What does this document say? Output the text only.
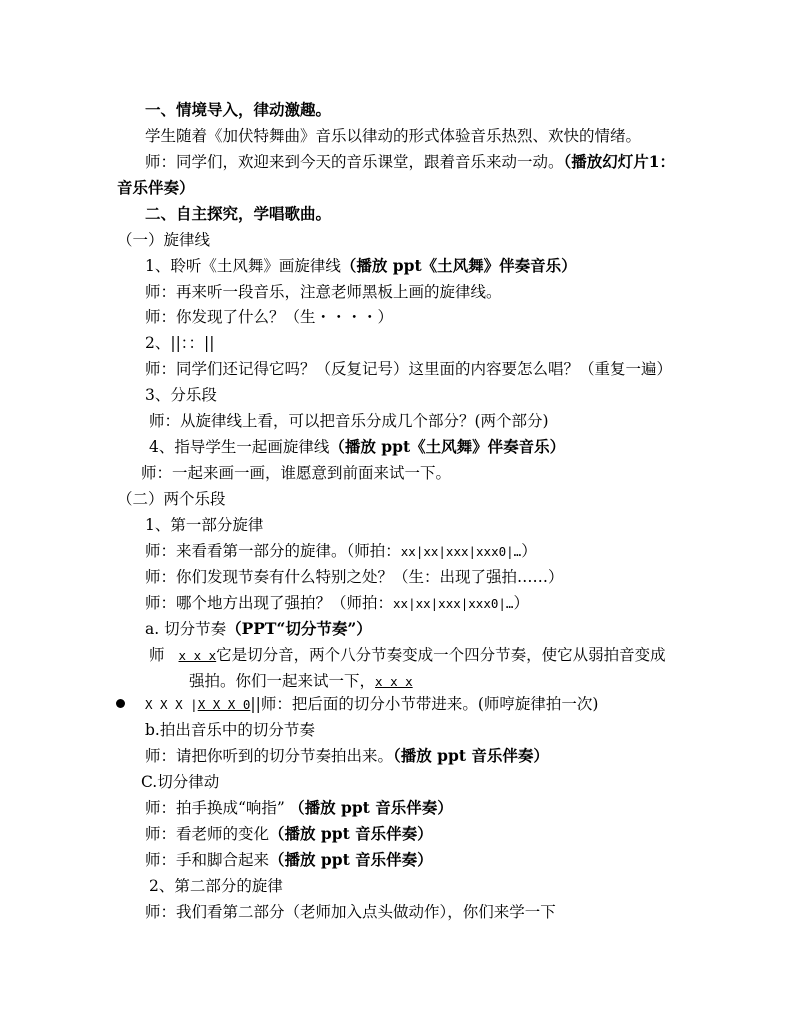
一、情境导入，律动激趣。
学生随着《加伏特舞曲》音乐以律动的形式体验音乐热烈、欢快的情绪。
师：同学们，欢迎来到今天的音乐课堂，跟着音乐来动一动。（播放幻灯片1：
音乐伴奏）
二、自主探究，学唱歌曲。
（一）旋律线
1、聆听《土风舞》画旋律线（播放 ppt《土风舞》伴奏音乐）
师：再来听一段音乐，注意老师黑板上画的旋律线。
师：你发现了什么？（生・・・・）
2、||：：||
师：同学们还记得它吗？（反复记号）这里面的内容要怎么唱？（重复一遍）
3、分乐段
师：从旋律线上看，可以把音乐分成几个部分？(两个部分)
4、指导学生一起画旋律线（播放 ppt《土风舞》伴奏音乐）
师：一起来画一画，谁愿意到前面来试一下。
（二）两个乐段
1、第一部分旋律
师：来看看第一部分的旋律。（师拍：xx|xx|xxx|xxx0|…）
师：你们发现节奏有什么特别之处？（生：出现了强拍……）
师：哪个地方出现了强拍？（师拍：xx|xx|xxx|xxx0|…）
a. 切分节奏（PPT“切分节奏”）
师 x x x它是切分音，两个八分节奏变成一个四分节奏，使它从弱拍音变成
强拍。你们一起来试一下，x x x
X X X |X X X 0||师：把后面的切分小节带进来。(师哼旋律拍一次)
b.拍出音乐中的切分节奏
师：请把你听到的切分节奏拍出来。（播放 ppt 音乐伴奏）
C.切分律动
师：拍手换成“响指” （播放 ppt 音乐伴奏）
师：看老师的变化（播放 ppt 音乐伴奏）
师：手和脚合起来（播放 ppt 音乐伴奏）
2、第二部分的旋律
师：我们看第二部分（老师加入点头做动作），你们来学一下
